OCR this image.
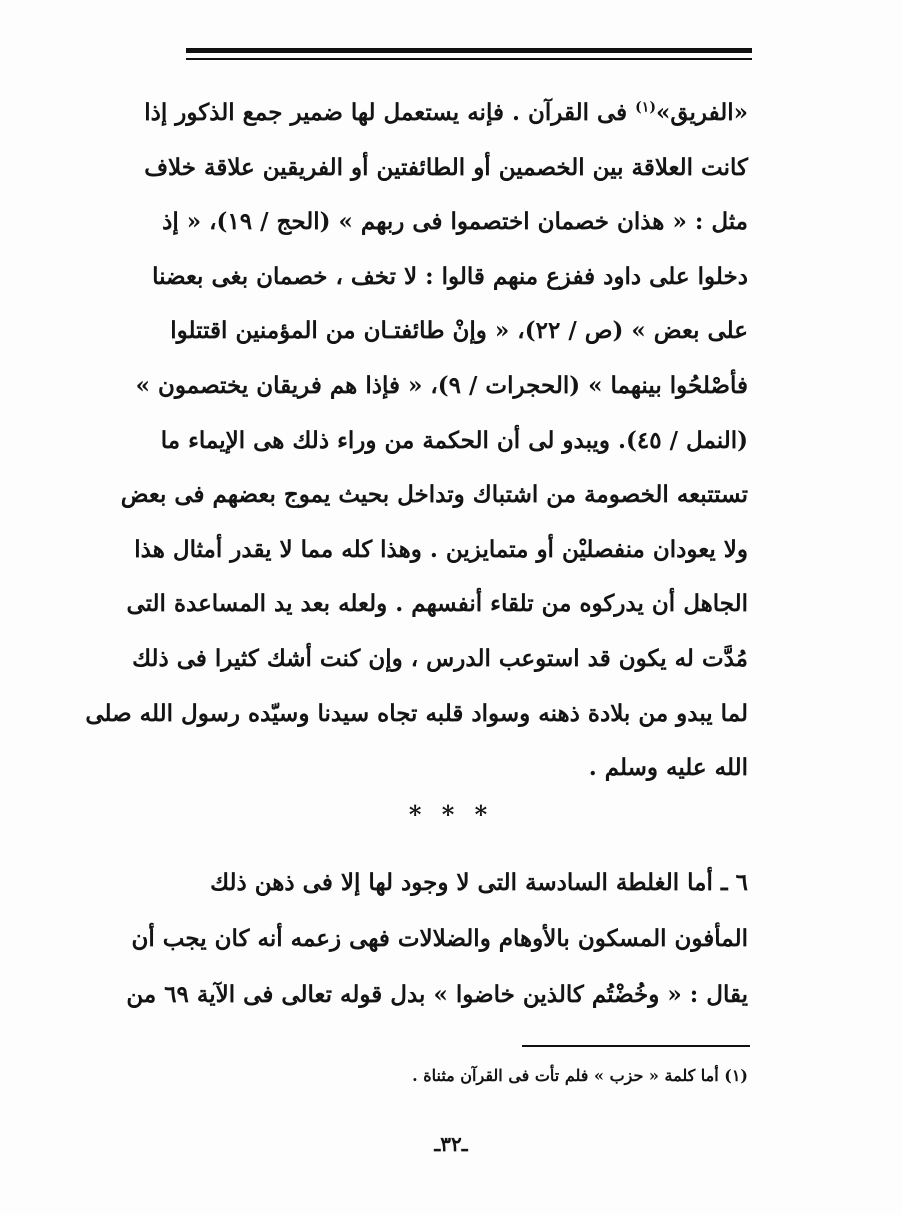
«الفريق»$^{(١)}$ فى القرآن . فإنه يستعمل لها ضمير جمع الذكور إذا
كانت العلاقة بين الخصمين أو الطائفتين أو الفريقين علاقة خلاف
مثل : « هذان خصمان اختصموا فى ربهم » (الحج / ١٩)، « إذ
دخلوا على داود ففزع منهم قالوا : لا تخف ، خصمان بغى بعضنا
على بعض » (ص / ٢٢)، « وإنْ طائفتـان من المؤمنين اقتتلوا
فأصْلحُوا بينهما » (الحجرات / ٩)، « فإذا هم فريقان يختصمون »
(النمل / ٤٥). ويبدو لى أن الحكمة من وراء ذلك هى الإيماء ما
تستتبعه الخصومة من اشتباك وتداخل بحيث يموج بعضهم فى بعض
ولا يعودان منفصليْن أو متمايزين . وهذا كله مما لا يقدر أمثال هذا
الجاهل أن يدركوه من تلقاء أنفسهم . ولعله بعد يد المساعدة التى
مُدَّت له يكون قد استوعب الدرس ، وإن كنت أشك كثيرا فى ذلك
لما يبدو من بلادة ذهنه وسواد قلبه تجاه سيدنا وسيّده رسول الله صلى
الله عليه وسلم .
* * *
٦ ـ أما الغلطة السادسة التى لا وجود لها إلا فى ذهن ذلك
المأفون المسكون بالأوهام والضلالات فهى زعمه أنه كان يجب أن
يقال : « وخُضْتُم كالذين خاضوا » بدل قوله تعالى فى الآية ٦٩ من
(١) أما كلمة « حزب » فلم تأت فى القرآن مثناة .
ـ٣٢ـ
